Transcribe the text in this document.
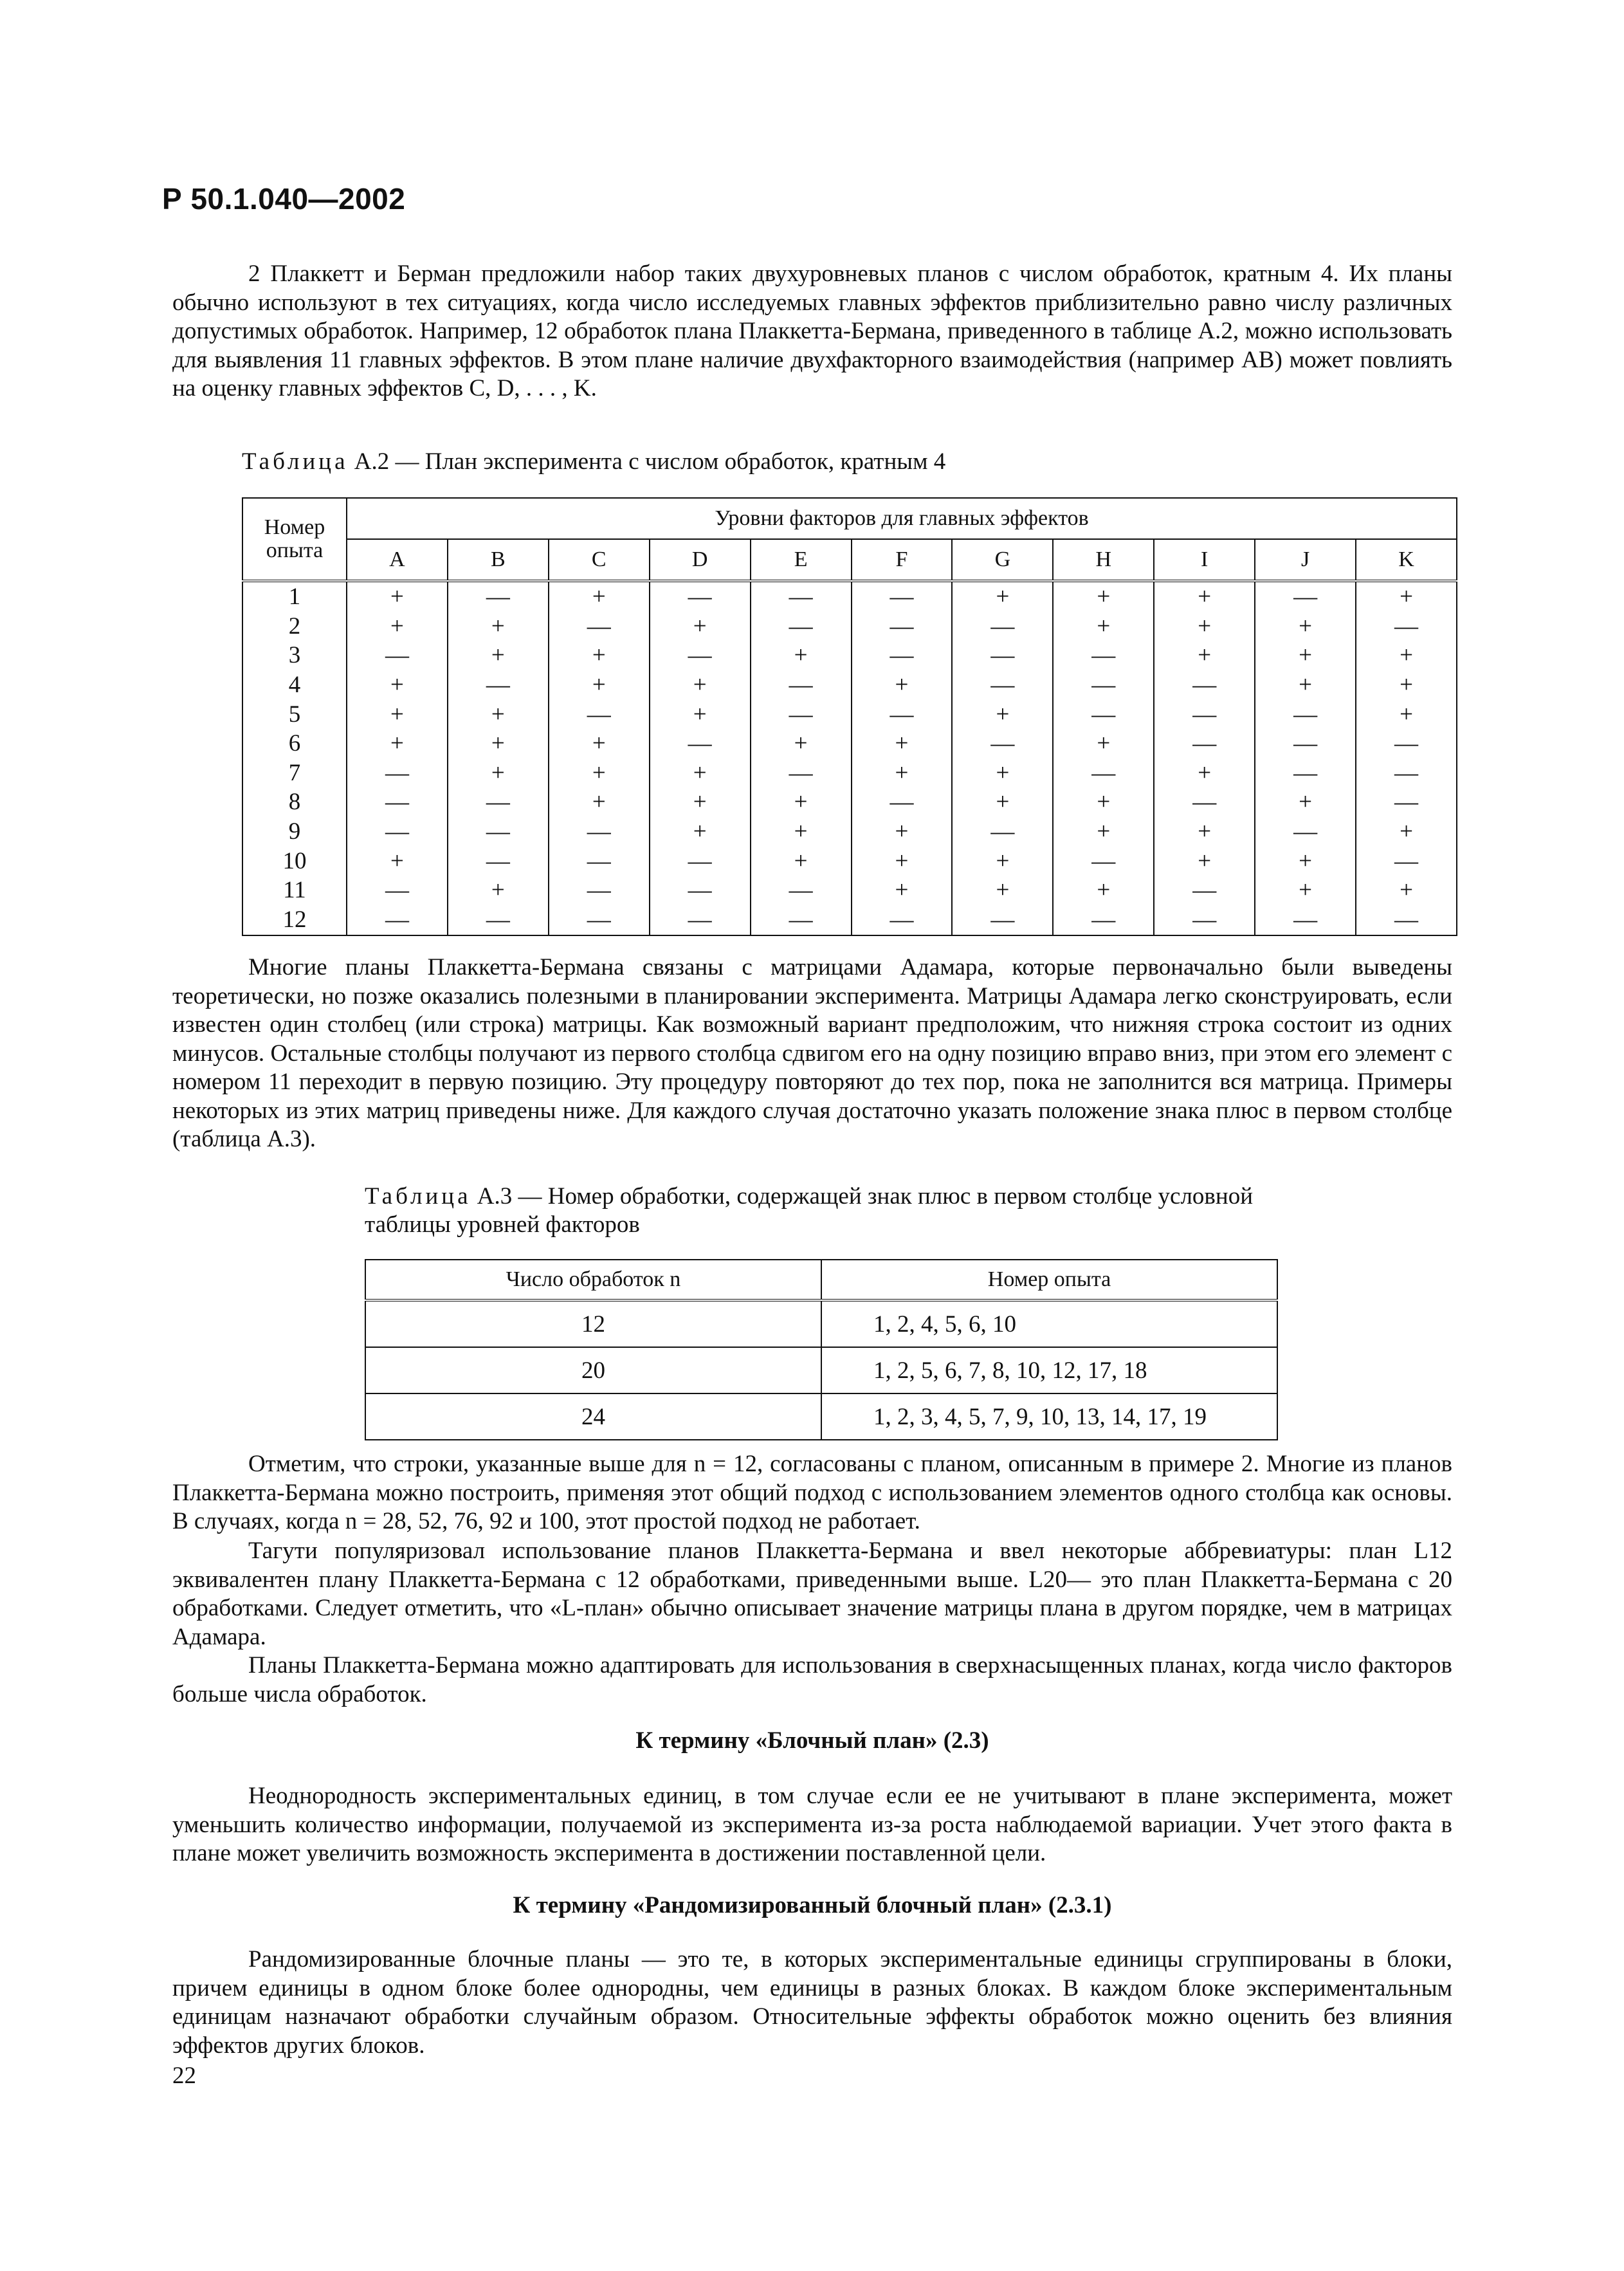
Р 50.1.040—2002

2 Плаккетт и Берман предложили набор таких двухуровневых планов с числом обработок, кратным 4. Их планы обычно используют в тех ситуациях, когда число исследуемых главных эффектов приблизительно равно числу различных допустимых обработок. Например, 12 обработок плана Плаккетта-Бермана, приведенного в таблице А.2, можно использовать для выявления 11 главных эффектов. В этом плане наличие двухфакторного взаимодействия (например АВ) может повлиять на оценку главных эффектов C, D, . . . , K.

Таблица А.2 — План эксперимента с числом обработок, кратным 4
Номер опыта	Уровни факторов для главных эффектов										
	A	B	C	D	E	F	G	H	I	J	K
1	+	—	+	—	—	—	+	+	+	—	+
2	+	+	—	+	—	—	—	+	+	+	—
3	—	+	+	—	+	—	—	—	+	+	+
4	+	—	+	+	—	+	—	—	—	+	+
5	+	+	—	+	—	—	+	—	—	—	+
6	+	+	+	—	+	+	—	+	—	—	—
7	—	+	+	+	—	+	+	—	+	—	—
8	—	—	+	+	+	—	+	+	—	+	—
9	—	—	—	+	+	+	—	+	+	—	+
10	+	—	—	—	+	+	+	—	+	+	—
11	—	+	—	—	—	+	+	+	—	+	+
12	—	—	—	—	—	—	—	—	—	—	—

Многие планы Плаккетта-Бермана связаны с матрицами Адамара, которые первоначально были выведены теоретически, но позже оказались полезными в планировании эксперимента. Матрицы Адамара легко сконструировать, если известен один столбец (или строка) матрицы. Как возможный вариант предположим, что нижняя строка состоит из одних минусов. Остальные столбцы получают из первого столбца сдвигом его на одну позицию вправо вниз, при этом его элемент с номером 11 переходит в первую позицию. Эту процедуру повторяют до тех пор, пока не заполнится вся матрица. Примеры некоторых из этих матриц приведены ниже. Для каждого случая достаточно указать положение знака плюс в первом столбце (таблица А.3).

Таблица А.3 — Номер обработки, содержащей знак плюс в первом столбце условной
таблицы уровней факторов
Число обработок n	Номер опыта
12	1, 2, 4, 5, 6, 10
20	1, 2, 5, 6, 7, 8, 10, 12, 17, 18
24	1, 2, 3, 4, 5, 7, 9, 10, 13, 14, 17, 19

Отметим, что строки, указанные выше для n = 12, согласованы с планом, описанным в примере 2. Многие из планов Плаккетта-Бермана можно построить, применяя этот общий подход с использованием элементов одного столбца как основы. В случаях, когда n = 28, 52, 76, 92 и 100, этот простой подход не работает.

Тагути популяризовал использование планов Плаккетта-Бермана и ввел некоторые аббревиатуры: план L12 эквивалентен плану Плаккетта-Бермана с 12 обработками, приведенными выше. L20— это план Плаккетта-Бермана с 20 обработками. Следует отметить, что «L-план» обычно описывает значение матрицы плана в другом порядке, чем в матрицах Адамара.

Планы Плаккетта-Бермана можно адаптировать для использования в сверхнасыщенных планах, когда число факторов больше числа обработок.

К термину «Блочный план» (2.3)

Неоднородность экспериментальных единиц, в том случае если ее не учитывают в плане эксперимента, может уменьшить количество информации, получаемой из эксперимента из-за роста наблюдаемой вариации. Учет этого факта в плане может увеличить возможность эксперимента в достижении поставленной цели.

К термину «Рандомизированный блочный план» (2.3.1)

Рандомизированные блочные планы — это те, в которых экспериментальные единицы сгруппированы в блоки, причем единицы в одном блоке более однородны, чем единицы в разных блоках. В каждом блоке экспериментальным единицам назначают обработки случайным образом. Относительные эффекты обработок можно оценить без влияния эффектов других блоков.

22
